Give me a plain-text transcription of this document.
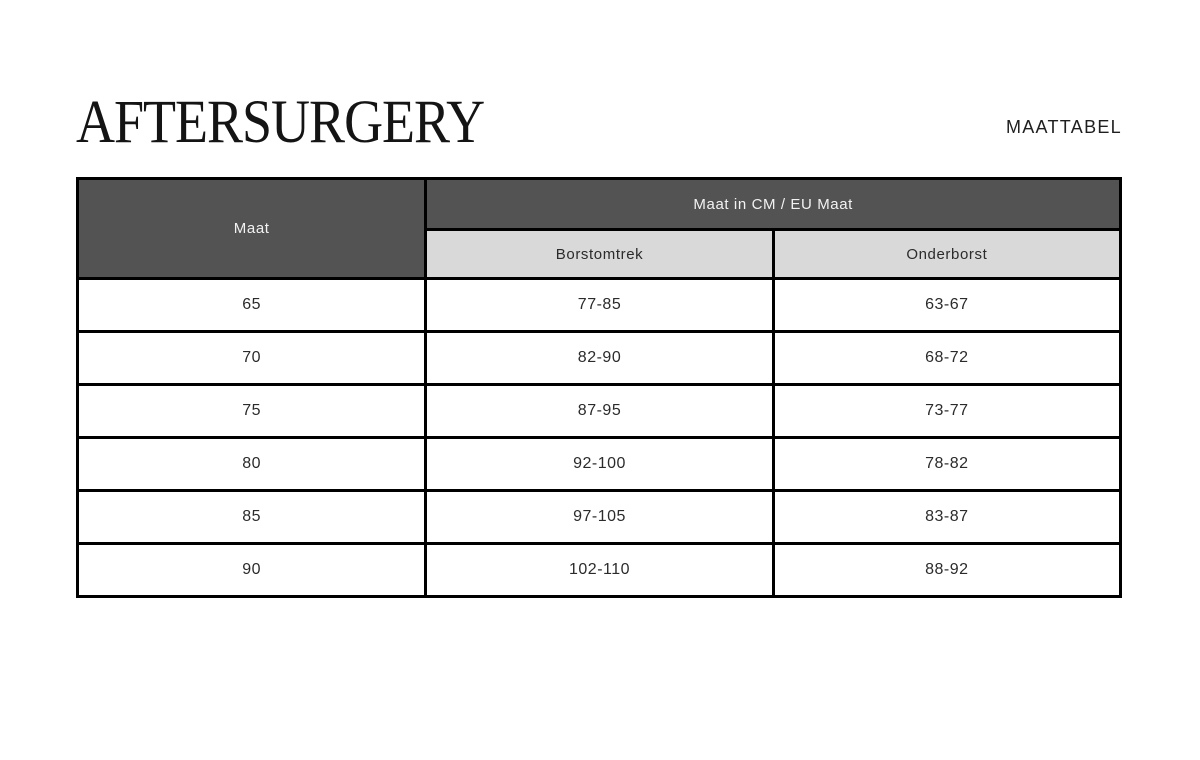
AFTERSURGERY	MAATTABEL
Maat	Maat in CM / EU Maat	
	Borstomtrek	Onderborst
65	77-85	63-67
70	82-90	68-72
75	87-95	73-77
80	92-100	78-82
85	97-105	83-87
90	102-110	88-92
